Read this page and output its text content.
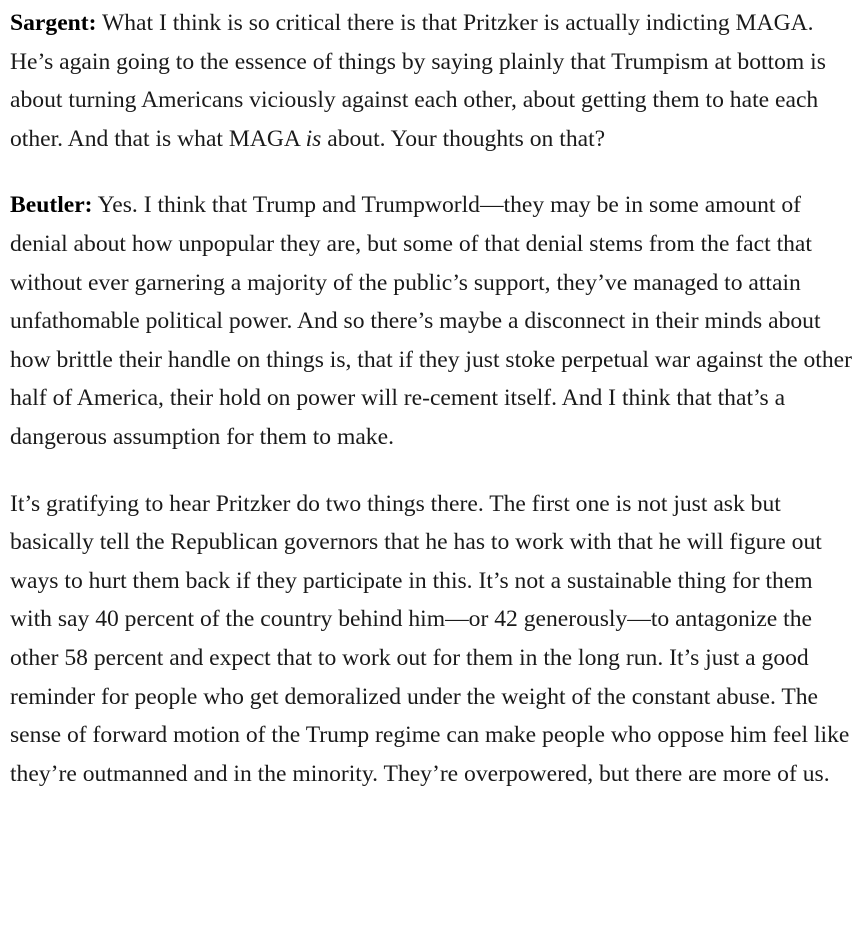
Sargent: What I think is so critical there is that Pritzker is actually indicting MAGA. He’s again going to the essence of things by saying plainly that Trumpism at bottom is about turning Americans viciously against each other, about getting them to hate each other. And that is what MAGA is about. Your thoughts on that?

Beutler: Yes. I think that Trump and Trumpworld—they may be in some amount of denial about how unpopular they are, but some of that denial stems from the fact that without ever garnering a majority of the public’s support, they’ve managed to attain unfathomable political power. And so there’s maybe a disconnect in their minds about how brittle their handle on things is, that if they just stoke perpetual war against the other half of America, their hold on power will re-cement itself. And I think that that’s a dangerous assumption for them to make.

It’s gratifying to hear Pritzker do two things there. The first one is not just ask but basically tell the Republican governors that he has to work with that he will figure out ways to hurt them back if they participate in this. It’s not a sustainable thing for them with say 40 percent of the country behind him—or 42 generously—to antagonize the other 58 percent and expect that to work out for them in the long run. It’s just a good reminder for people who get demoralized under the weight of the constant abuse. The sense of forward motion of the Trump regime can make people who oppose him feel like they’re outmanned and in the minority. They’re overpowered, but there are more of us.
